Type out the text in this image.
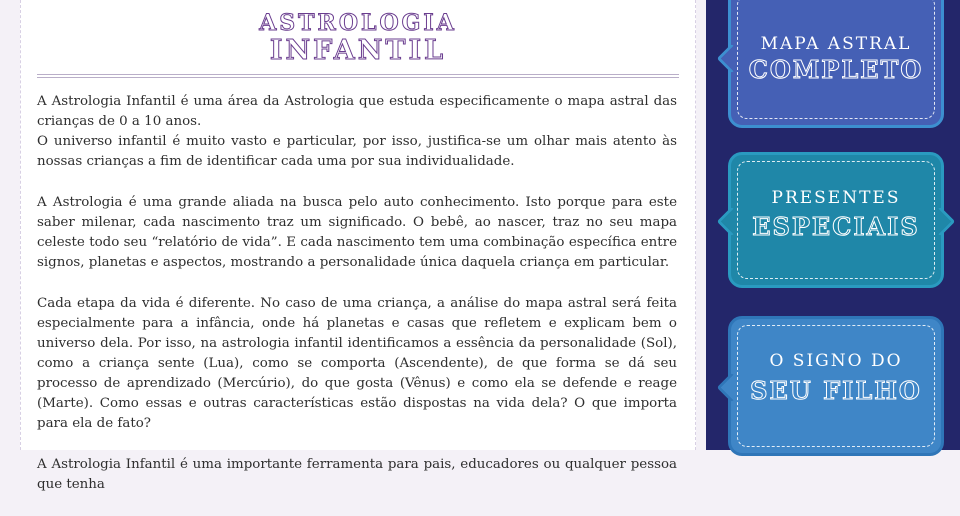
ASTROLOGIA
INFANTIL

A Astrologia Infantil é uma área da Astrologia que estuda especificamente o mapa astral das crianças de 0 a 10 anos.
O universo infantil é muito vasto e particular, por isso, justifica-se um olhar mais atento às nossas crianças a fim de identificar cada uma por sua individualidade.

A Astrologia é uma grande aliada na busca pelo auto conhecimento. Isto porque para este saber milenar, cada nascimento traz um significado. O bebê, ao nascer, traz no seu mapa celeste todo seu “relatório de vida”. E cada nascimento tem uma combinação específica entre signos, planetas e aspectos, mostrando a personalidade única daquela criança em particular.

Cada etapa da vida é diferente. No caso de uma criança, a análise do mapa astral será feita especialmente para a infância, onde há planetas e casas que refletem e explicam bem o universo dela. Por isso, na astrologia infantil identificamos a essência da personalidade (Sol), como a criança sente (Lua), como se comporta (Ascendente), de que forma se dá seu processo de aprendizado (Mercúrio), do que gosta (Vênus) e como ela se defende e reage (Marte). Como essas e outras características estão dispostas na vida dela? O que importa para ela de fato?

A Astrologia Infantil é uma importante ferramenta para pais, educadores ou qualquer pessoa que tenha

MAPA ASTRAL
COMPLETO
PRESENTES
ESPECIAIS
O SIGNO DO
SEU FILHO
